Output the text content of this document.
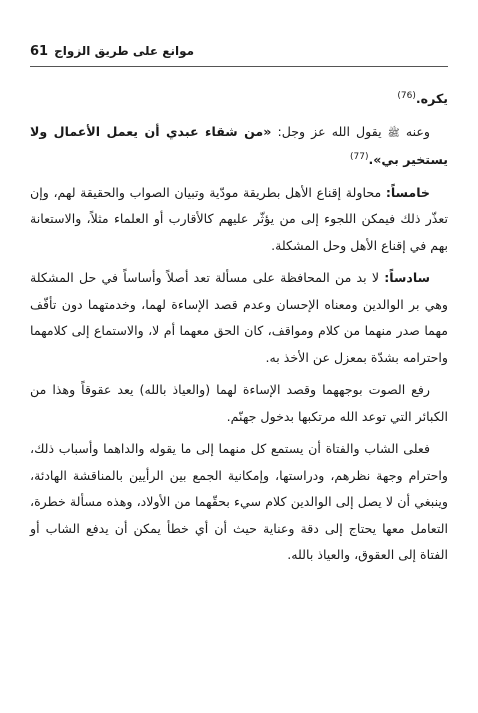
موانع على طريق الزواج
61

يكره.$^{(76)}$

وعنه ﷺ يقول الله عز وجل: «من شقاء عبدي أن يعمل الأعمال ولا يستخير بي».$^{(77)}$

خامساً: محاولة إقناع الأهل بطريقة مودّية وتبيان الصواب والحقيقة لهم، وإن تعذّر ذلك فيمكن اللجوء إلى من يؤثّر عليهم كالأقارب أو العلماء مثلاً، والاستعانة بهم في إقناع الأهل وحل المشكلة.

سادساً: لا بد من المحافظة على مسألة تعد أصلاً وأساساً في حل المشكلة وهي بر الوالدين ومعناه الإحسان وعدم قصد الإساءة لهما، وخدمتهما دون تأفّف مهما صدر منهما من كلام ومواقف، كان الحق معهما أم لا، والاستماع إلى كلامهما واحترامه بشدّة بمعزل عن الأخذ به.

رفع الصوت بوجههما وقصد الإساءة لهما (والعياذ بالله) يعد عقوقاً وهذا من الكبائر التي توعد الله مرتكبها بدخول جهنّم.

فعلى الشاب والفتاة أن يستمع كل منهما إلى ما يقوله والداهما وأسباب ذلك، واحترام وجهة نظرهم، ودراستها، وإمكانية الجمع بين الرأيين بالمناقشة الهادئة، وينبغي أن لا يصل إلى الوالدين كلام سيء بحقّهما من الأولاد، وهذه مسألة خطرة، التعامل معها يحتاج إلى دقة وعناية حيث أن أي خطأ يمكن أن يدفع الشاب أو الفتاة إلى العقوق، والعياذ بالله.
